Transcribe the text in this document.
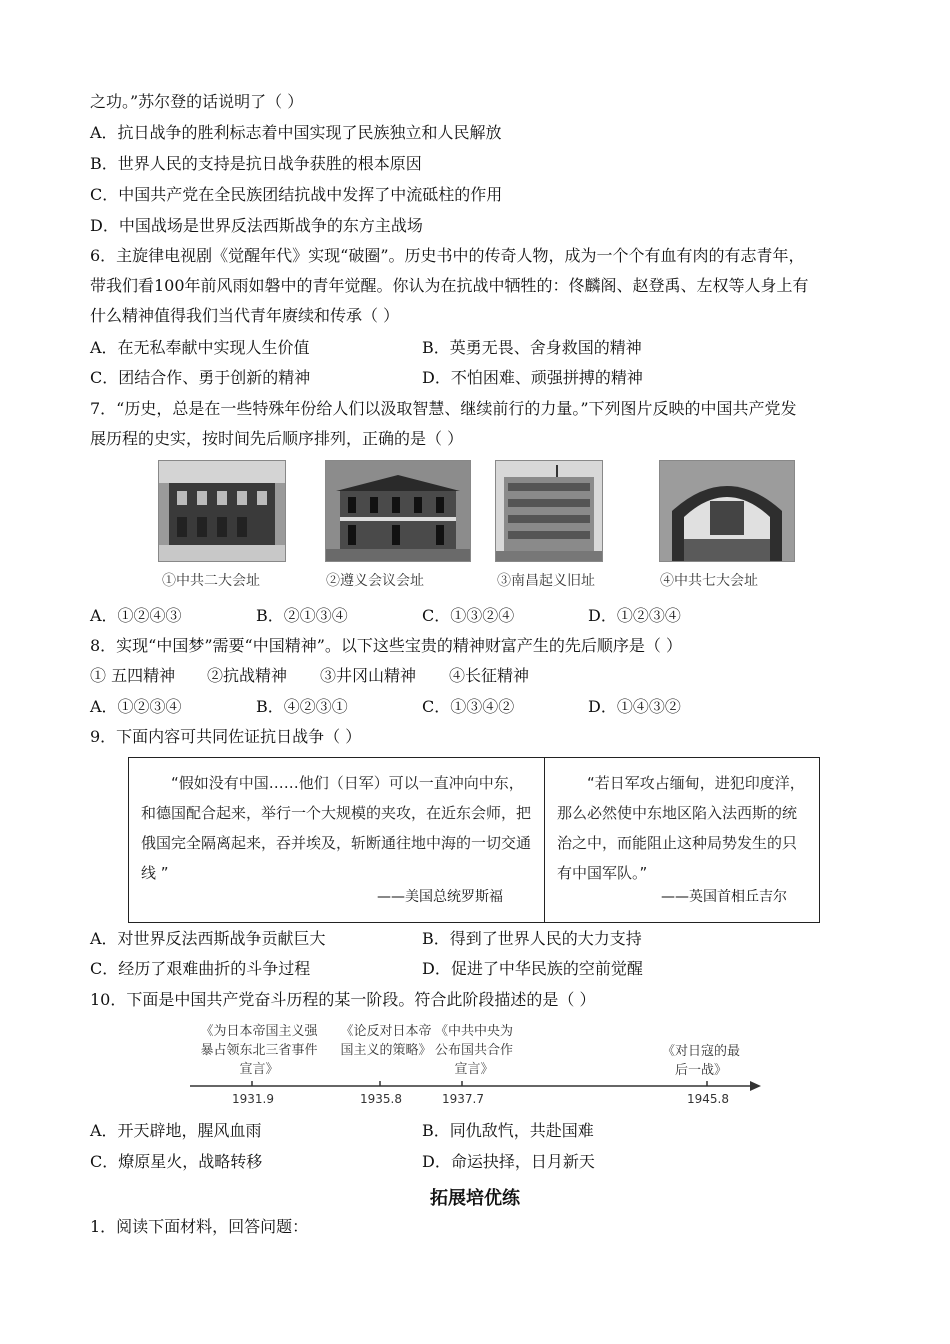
之功。”苏尔登的话说明了（ ）
A．抗日战争的胜利标志着中国实现了民族独立和人民解放
B．世界人民的支持是抗日战争获胜的根本原因
C．中国共产党在全民族团结抗战中发挥了中流砥柱的作用
D．中国战场是世界反法西斯战争的东方主战场
6．主旋律电视剧《觉醒年代》实现“破圈”。历史书中的传奇人物，成为一个个有血有肉的有志青年，
带我们看100年前风雨如磐中的青年觉醒。你认为在抗战中牺牲的：佟麟阁、赵登禹、左权等人身上有
什么精神值得我们当代青年赓续和传承（ ）
A．在无私奉献中实现人生价值	B．英勇无畏、舍身救国的精神
C．团结合作、勇于创新的精神	D．不怕困难、顽强拼搏的精神
7．“历史，总是在一些特殊年份给人们以汲取智慧、继续前行的力量。”下列图片反映的中国共产党发
展历程的史实，按时间先后顺序排列，正确的是（ ）
①中共二大会址	②遵义会议会址	③南昌起义旧址	④中共七大会址
A．①②④③	B．②①③④	C．①③②④	D．①②③④
8．实现“中国梦”需要“中国精神”。以下这些宝贵的精神财富产生的先后顺序是（ ）
① 五四精神 ②抗战精神 ③井冈山精神 ④长征精神
A．①②③④	B．④②③①	C．①③④②	D．①④③②
9．下面内容可共同佐证抗日战争（ ）
“假如没有中国……他们（日军）可以一直冲向中东，和德国配合起来，举行一个大规模的夹攻，在近东会师，把俄国完全隔离起来，吞并埃及，斩断通往地中海的一切交通线 ”
——美国总统罗斯福
“若日军攻占缅甸，进犯印度洋，那么必然使中东地区陷入法西斯的统治之中，而能阻止这种局势发生的只有中国军队。”
——英国首相丘吉尔
A．对世界反法西斯战争贡献巨大	B．得到了世界人民的大力支持
C．经历了艰难曲折的斗争过程	D．促进了中华民族的空前觉醒
10．下面是中国共产党奋斗历程的某一阶段。符合此阶段描述的是（ ）
《为日本帝国主义强暴占领东北三省事件宣言》
《论反对日本帝国主义的策略》
《中共中央为公布国共合作宣言》
《对日寇的最后一战》
1931.9	1935.8	1937.7	1945.8
A．开天辟地，腥风血雨	B．同仇敌忾，共赴国难
C．燎原星火，战略转移	D．命运抉择，日月新天
拓展培优练
1．阅读下面材料，回答问题：
